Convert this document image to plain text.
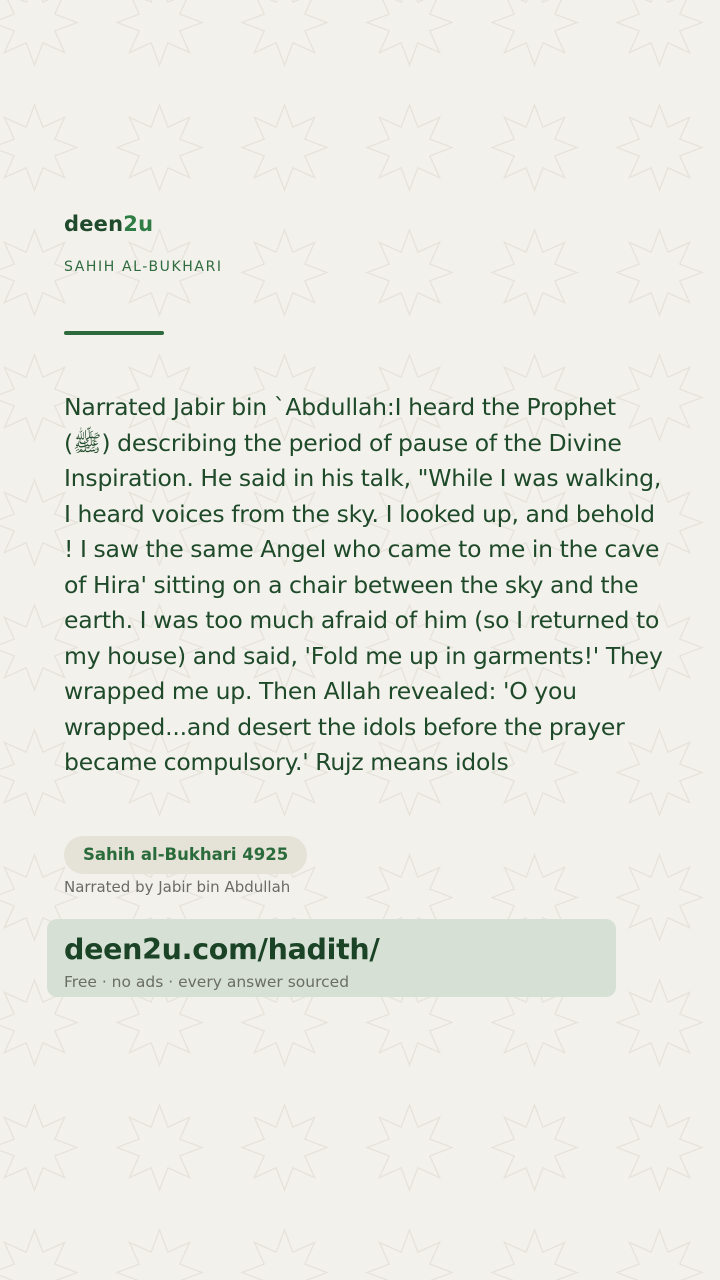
deen2u
SAHIH AL-BUKHARI

Narrated Jabir bin `Abdullah:I heard the Prophet (ﷺ) describing the period of pause of the Divine Inspiration. He said in his talk, "While I was walking, I heard voices from the sky. I looked up, and behold ! I saw the same Angel who came to me in the cave of Hira' sitting on a chair between the sky and the earth. I was too much afraid of him (so I returned to my house) and said, 'Fold me up in garments!' They wrapped me up. Then Allah revealed: 'O you wrapped...and desert the idols before the prayer became compulsory.' Rujz means idols

Sahih al-Bukhari 4925
Narrated by Jabir bin Abdullah
deen2u.com/hadith/
Free · no ads · every answer sourced
